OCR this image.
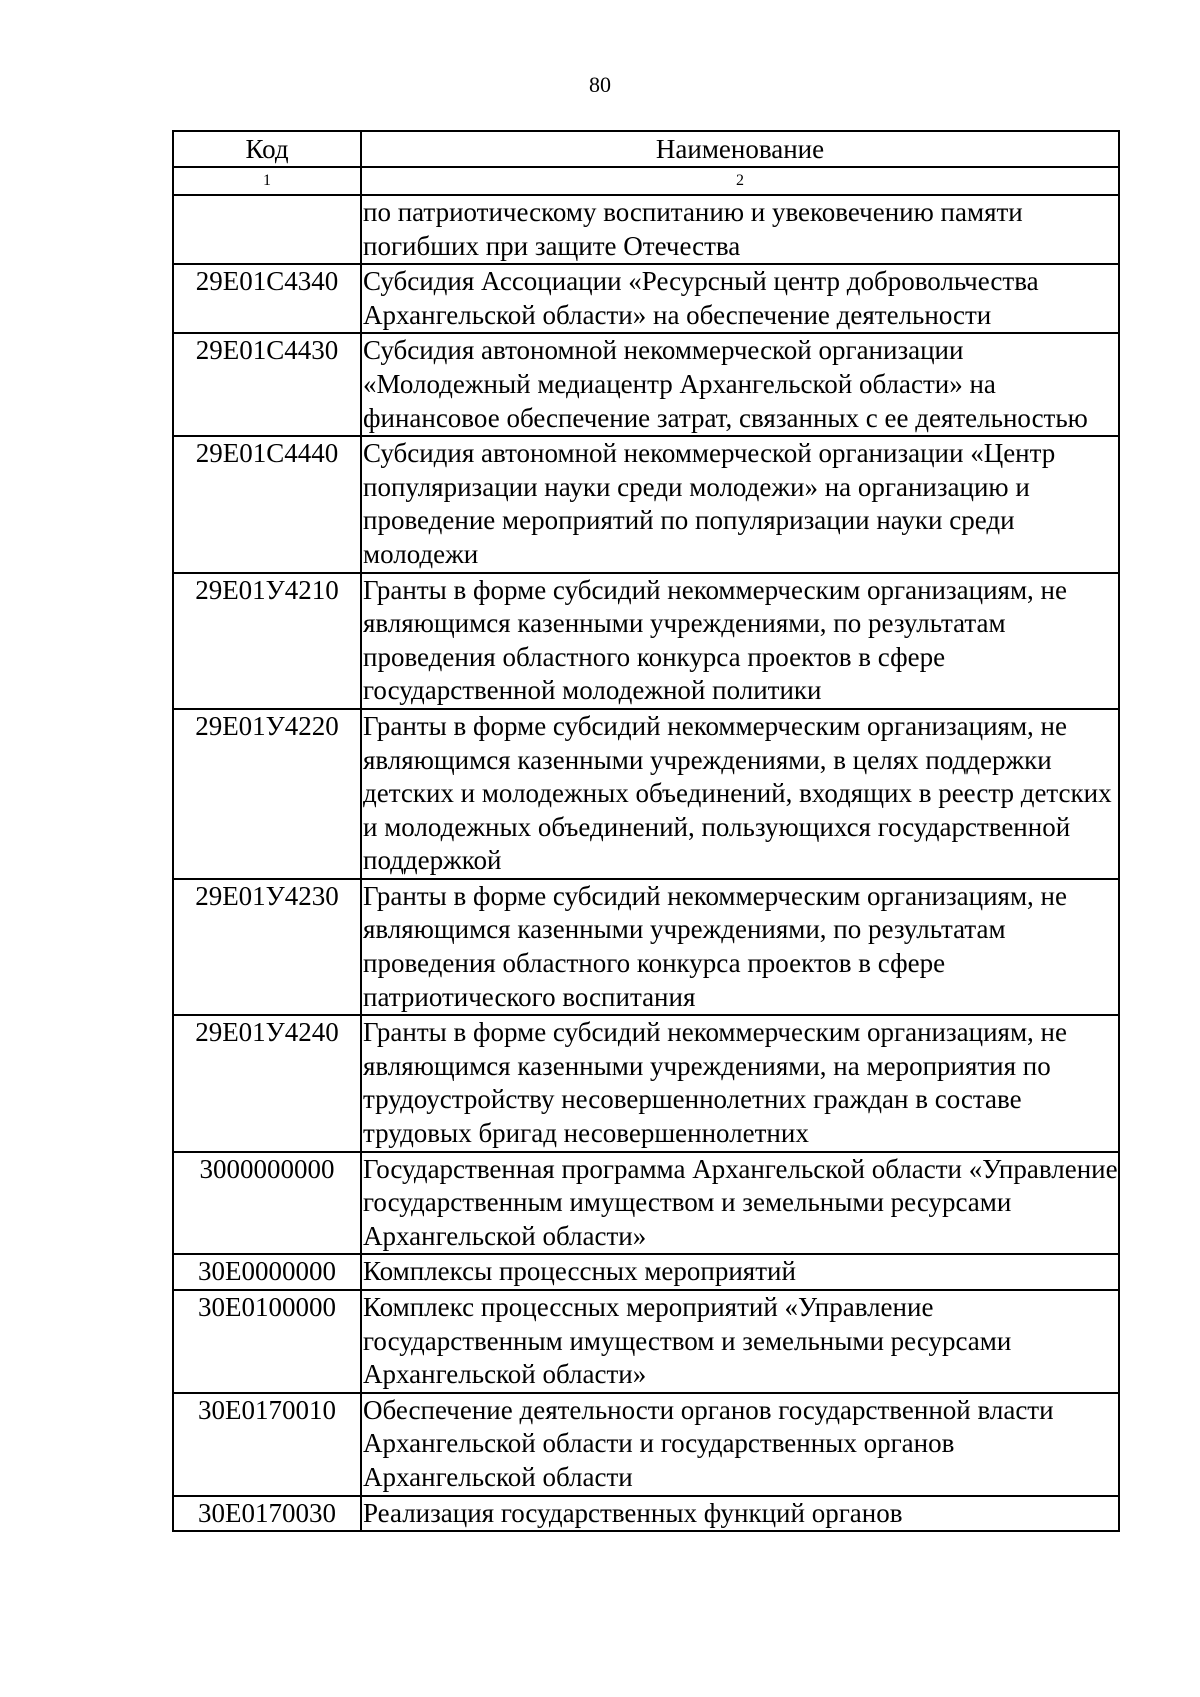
80
Код	Наименование
1	2
	по патриотическому воспитанию и увековечению памяти погибших при защите Отечества
29Е01С4340	Субсидия Ассоциации «Ресурсный центр добровольчества Архангельской области» на обеспечение деятельности
29Е01С4430	Субсидия автономной некоммерческой организации «Молодежный медиацентр Архангельской области» на финансовое обеспечение затрат, связанных с ее деятельностью
29Е01С4440	Субсидия автономной некоммерческой организации «Центр популяризации науки среди молодежи» на организацию и проведение мероприятий по популяризации науки среди молодежи
29Е01У4210	Гранты в форме субсидий некоммерческим организациям, не являющимся казенными учреждениями, по результатам проведения областного конкурса проектов в сфере государственной молодежной политики
29Е01У4220	Гранты в форме субсидий некоммерческим организациям, не являющимся казенными учреждениями, в целях поддержки детских и молодежных объединений, входящих в реестр детских и молодежных объединений, пользующихся государственной поддержкой
29Е01У4230	Гранты в форме субсидий некоммерческим организациям, не являющимся казенными учреждениями, по результатам проведения областного конкурса проектов в сфере патриотического воспитания
29Е01У4240	Гранты в форме субсидий некоммерческим организациям, не являющимся казенными учреждениями, на мероприятия по трудоустройству несовершеннолетних граждан в составе трудовых бригад несовершеннолетних
3000000000	Государственная программа Архангельской области «Управление государственным имуществом и земельными ресурсами Архангельской области»
30Е0000000	Комплексы процессных мероприятий
30Е0100000	Комплекс процессных мероприятий «Управление государственным имуществом и земельными ресурсами Архангельской области»
30Е0170010	Обеспечение деятельности органов государственной власти Архангельской области и государственных органов Архангельской области
30Е0170030	Реализация государственных функций органов
